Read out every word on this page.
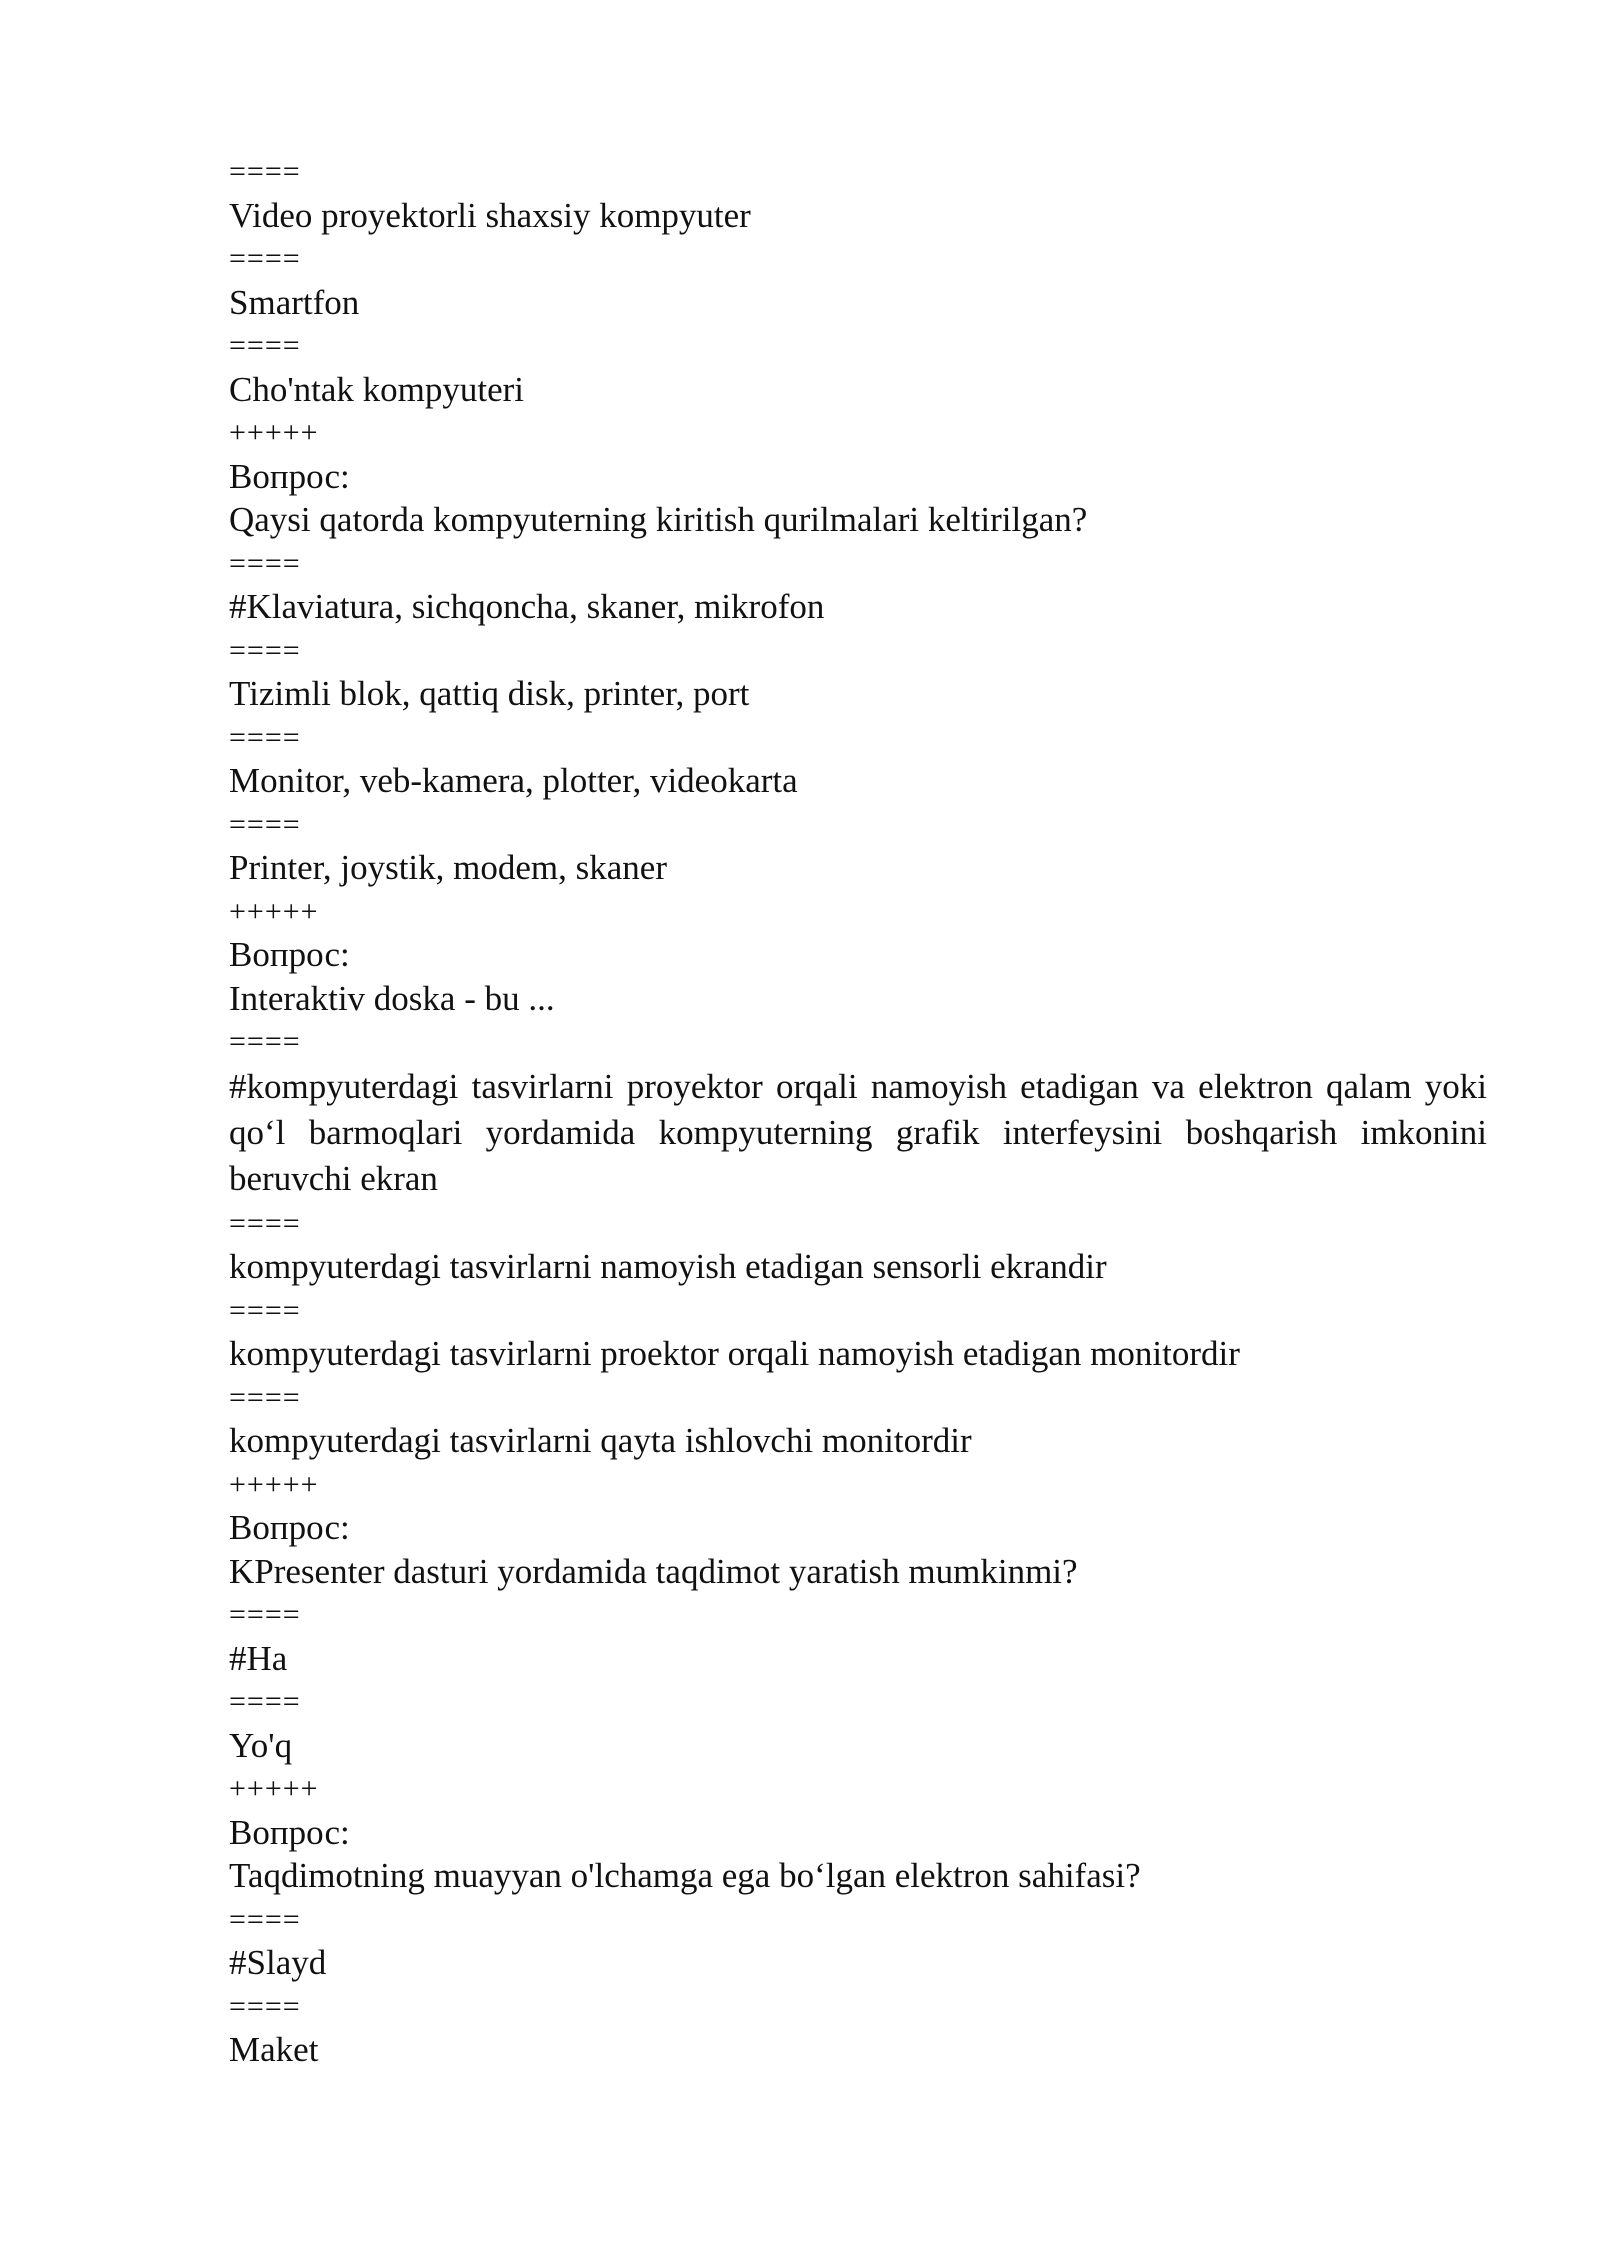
====
Video proyektorli shaxsiy kompyuter
====
Smartfon
====
Cho'ntak kompyuteri
+++++
Вопрос:
Qaysi qatorda kompyuterning kiritish qurilmalari keltirilgan?
====
#Klaviatura, sichqoncha, skaner, mikrofon
====
Tizimli blok, qattiq disk, printer, port
====
Monitor, veb-kamera, plotter, videokarta
====
Printer, joystik, modem, skaner
+++++
Вопрос:
Interaktiv doska - bu ...
====
#kompyuterdagi tasvirlarni proyektor orqali namoyish etadigan va elektron qalam yoki qo‘l barmoqlari yordamida kompyuterning grafik interfeysini boshqarish imkonini beruvchi ekran
====
kompyuterdagi tasvirlarni namoyish etadigan sensorli ekrandir
====
kompyuterdagi tasvirlarni proektor orqali namoyish etadigan monitordir
====
kompyuterdagi tasvirlarni qayta ishlovchi monitordir
+++++
Вопрос:
KPresenter dasturi yordamida taqdimot yaratish mumkinmi?
====
#Ha
====
Yo'q
+++++
Вопрос:
Taqdimotning muayyan o'lchamga ega bo‘lgan elektron sahifasi?
====
#Slayd
====
Maket
